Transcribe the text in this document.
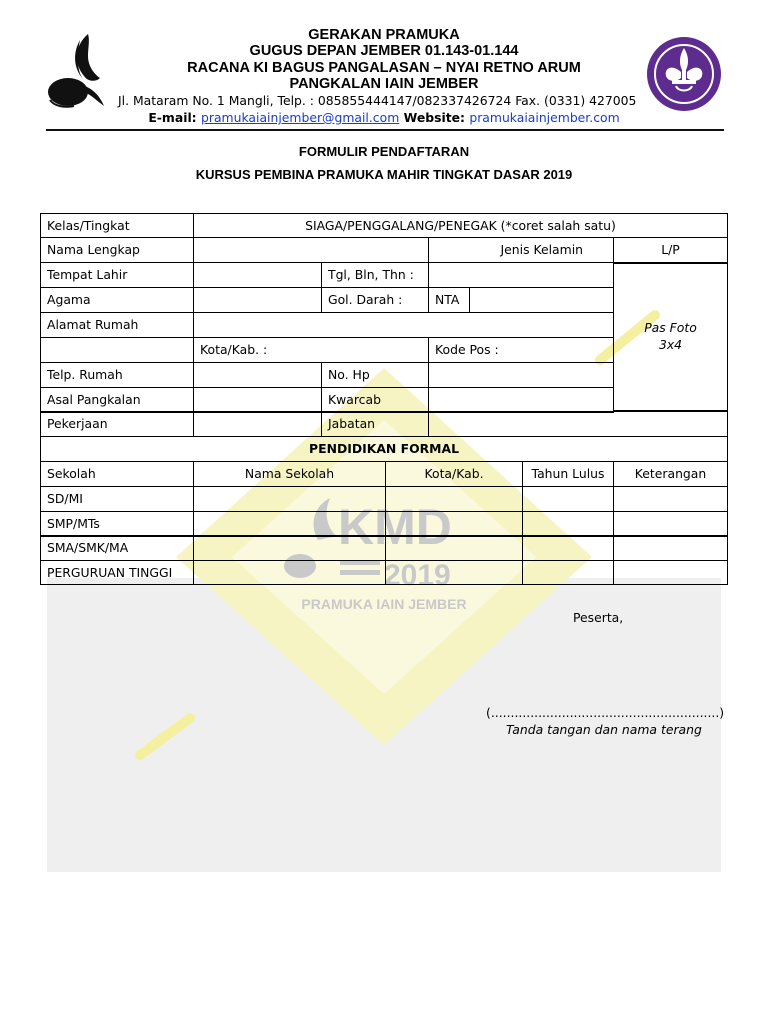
KMD
2019
PRAMUKA IAIN JEMBER
GERAKAN PRAMUKA
GUGUS DEPAN JEMBER 01.143-01.144
RACANA KI BAGUS PANGALASAN – NYAI RETNO ARUM
PANGKALAN IAIN JEMBER
Jl. Mataram No. 1 Mangli, Telp. : 085855444147/082337426724 Fax. (0331) 427005
E-mail: pramukaiainjember@gmail.com Website: pramukaiainjember.com
FORMULIR PENDAFTARAN
KURSUS PEMBINA PRAMUKA MAHIR TINGKAT DASAR 2019
Kelas/Tingkat	SIAGA/PENGGALANG/PENEGAK (*coret salah satu)
Nama Lengkap	Jenis Kelamin	L/P
Tempat Lahir	Tgl, Bln, Thn :
Agama	Gol. Darah :	NTA
Alamat Rumah
Kota/Kab. :	Kode Pos :
Telp. Rumah	No. Hp
Asal Pangkalan	Kwarcab
Pekerjaan	Jabatan
Pas Foto
3x4
PENDIDIKAN FORMAL
Sekolah	Nama Sekolah	Kota/Kab.	Tahun Lulus	Keterangan
SD/MI
SMP/MTs
SMA/SMK/MA
PERGURUAN TINGGI
Peserta,
(..........................................................)
Tanda tangan dan nama terang
